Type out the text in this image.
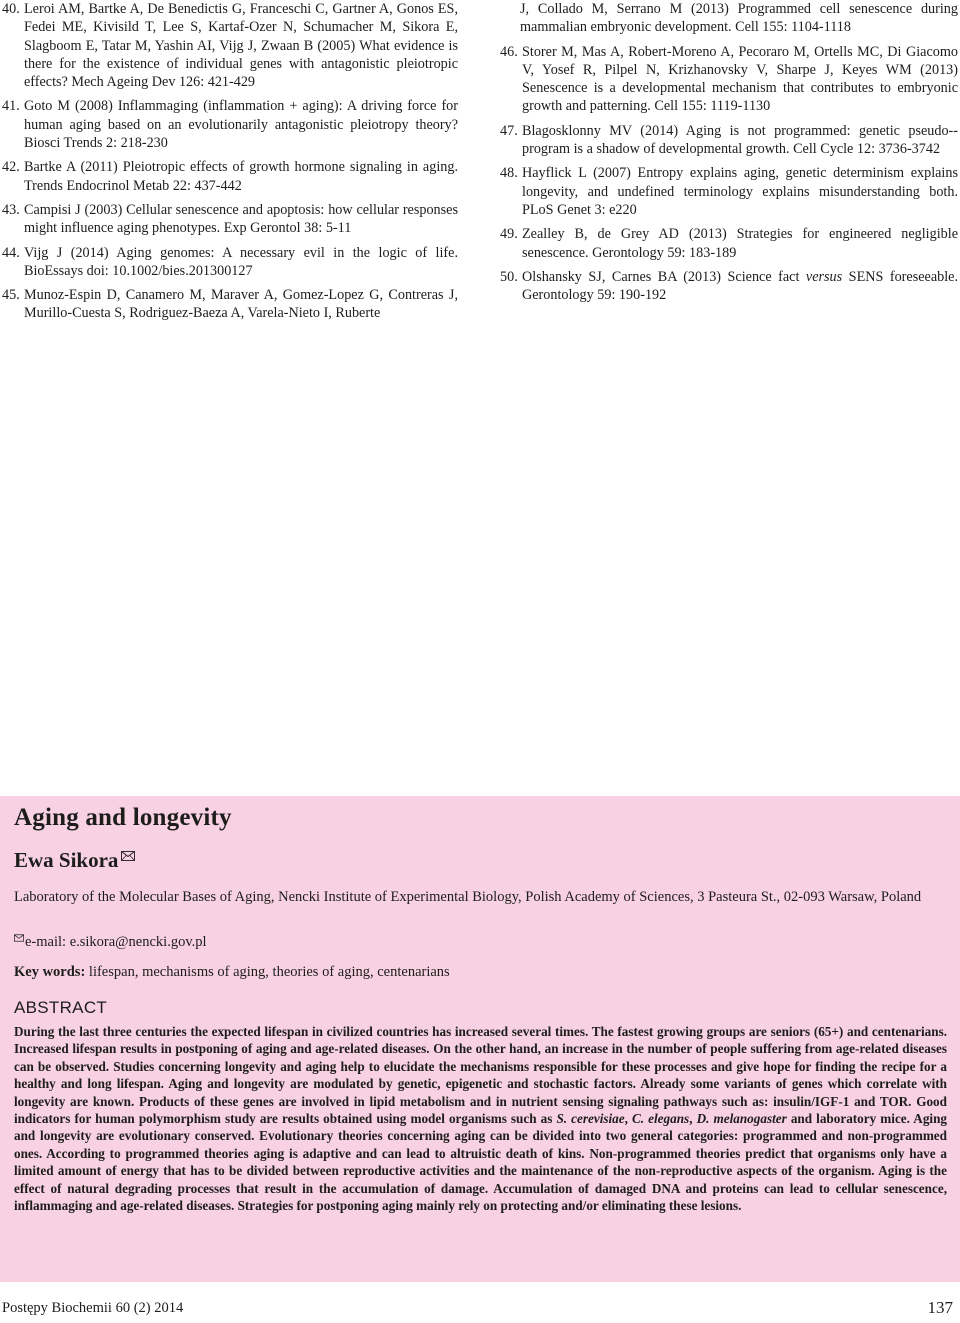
40. Leroi AM, Bartke A, De Benedictis G, Franceschi C, Gartner A, Gonos ES, Fedei ME, Kivisild T, Lee S, Kartaf-Ozer N, Schumacher M, Sikora E, Slagboom E, Tatar M, Yashin AI, Vijg J, Zwaan B (2005) What evidence is there for the existence of individual genes with antagonistic pleiotropic effects? Mech Ageing Dev 126: 421-429
41. Goto M (2008) Inflammaging (inflammation + aging): A driving force for human aging based on an evolutionarily antagonistic pleiotropy theory? Biosci Trends 2: 218-230
42. Bartke A (2011) Pleiotropic effects of growth hormone signaling in aging. Trends Endocrinol Metab 22: 437-442
43. Campisi J (2003) Cellular senescence and apoptosis: how cellular responses might influence aging phenotypes. Exp Gerontol 38: 5-11
44. Vijg J (2014) Aging genomes: A necessary evil in the logic of life. BioEssays doi: 10.1002/bies.201300127
45. Munoz-Espin D, Canamero M, Maraver A, Gomez-Lopez G, Contreras J, Murillo-Cuesta S, Rodriguez-Baeza A, Varela-Nieto I, Ruberte
J, Collado M, Serrano M (2013) Programmed cell senescence during mammalian embryonic development. Cell 155: 1104-1118
46. Storer M, Mas A, Robert-Moreno A, Pecoraro M, Ortells MC, Di Giacomo V, Yosef R, Pilpel N, Krizhanovsky V, Sharpe J, Keyes WM (2013) Senescence is a developmental mechanism that contributes to embryonic growth and patterning. Cell 155: 1119-1130
47. Blagosklonny MV (2014) Aging is not programmed: genetic pseudo--program is a shadow of developmental growth. Cell Cycle 12: 3736-3742
48. Hayflick L (2007) Entropy explains aging, genetic determinism explains longevity, and undefined terminology explains misunderstanding both. PLoS Genet 3: e220
49. Zealley B, de Grey AD (2013) Strategies for engineered negligible senescence. Gerontology 59: 183-189
50. Olshansky SJ, Carnes BA (2013) Science fact versus SENS foreseeable. Gerontology 59: 190-192
Aging and longevity
Ewa Sikora
Laboratory of the Molecular Bases of Aging, Nencki Institute of Experimental Biology, Polish Academy of Sciences, 3 Pasteura St., 02-093 Warsaw, Poland
e-mail: e.sikora@nencki.gov.pl
Key words: lifespan, mechanisms of aging, theories of aging, centenarians
ABSTRACT
During the last three centuries the expected lifespan in civilized countries has increased several times. The fastest growing groups are seniors (65+) and centenarians. Increased lifespan results in postponing of aging and age-related diseases. On the other hand, an increase in the number of people suffering from age-related diseases can be observed. Studies concerning longevity and aging help to elucidate the mechanisms responsible for these processes and give hope for finding the recipe for a healthy and long lifespan. Aging and longevity are modulated by genetic, epigenetic and stochastic factors. Already some variants of genes which correlate with longevity are known. Products of these genes are involved in lipid metabolism and in nutrient sensing signaling pathways such as: insulin/IGF-1 and TOR. Good indicators for human polymorphism study are results obtained using model organisms such as S. cerevisiae, C. elegans, D. melanogaster and laboratory mice. Aging and longevity are evolutionary conserved. Evolutionary theories concerning aging can be divided into two general categories: programmed and non-programmed ones. According to programmed theories aging is adaptive and can lead to altruistic death of kins. Non-programmed theories predict that organisms only have a limited amount of energy that has to be divided between reproductive activities and the maintenance of the non-reproductive aspects of the organism. Aging is the effect of natural degrading processes that result in the accumulation of damage. Accumulation of damaged DNA and proteins can lead to cellular senescence, inflammaging and age-related diseases. Strategies for postponing aging mainly rely on protecting and/or eliminating these lesions.
Postępy Biochemii 60 (2) 2014	137
